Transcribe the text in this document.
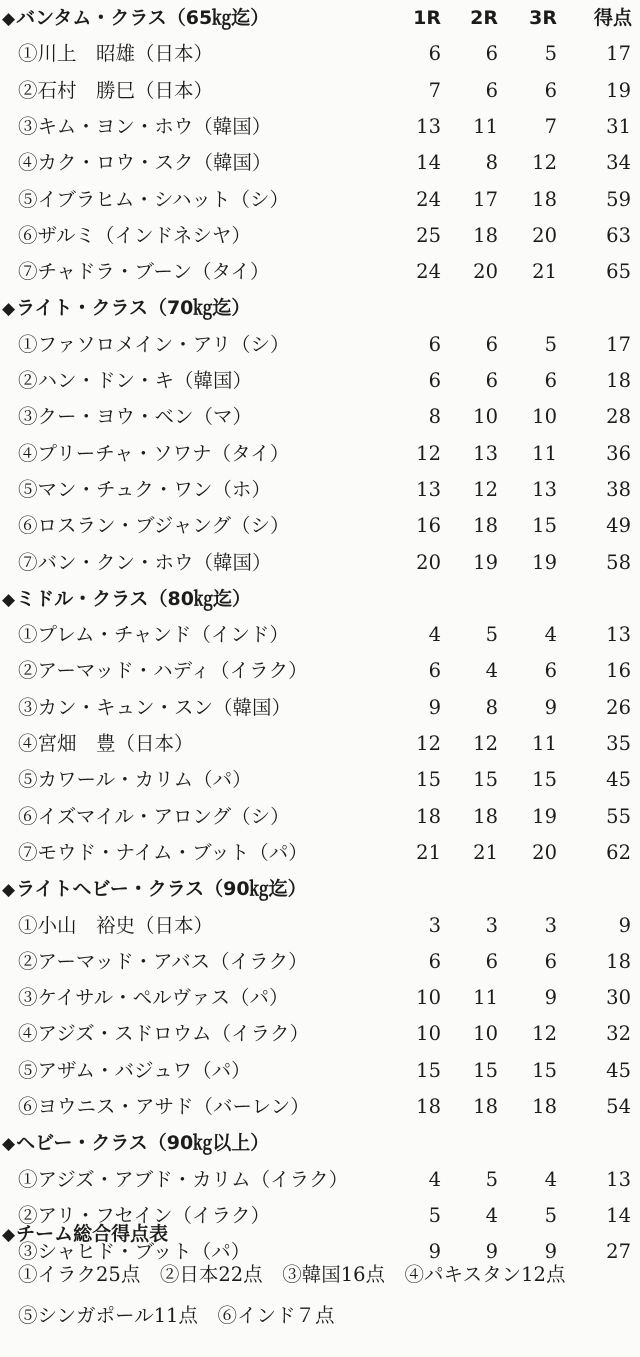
◆バンタム・クラス（65㎏迄）	1R	2R	3R	得点
①川上　昭雄（日本）	6	6	5	17
②石村　勝巳（日本）	7	6	6	19
③キム・ヨン・ホウ（韓国）	13	11	7	31
④カク・ロウ・スク（韓国）	14	8	12	34
⑤イブラヒム・シハット（シ）	24	17	18	59
⑥ザルミ（インドネシヤ）	25	18	20	63
⑦チャドラ・ブーン（タイ）	24	20	21	65
◆ライト・クラス（70㎏迄）
①ファソロメイン・アリ（シ）	6	6	5	17
②ハン・ドン・キ（韓国）	6	6	6	18
③クー・ヨウ・ベン（マ）	8	10	10	28
④プリーチャ・ソワナ（タイ）	12	13	11	36
⑤マン・チュク・ワン（ホ）	13	12	13	38
⑥ロスラン・ブジャング（シ）	16	18	15	49
⑦バン・クン・ホウ（韓国）	20	19	19	58
◆ミドル・クラス（80㎏迄）
①プレム・チャンド（インド）	4	5	4	13
②アーマッド・ハディ（イラク）	6	4	6	16
③カン・キュン・スン（韓国）	9	8	9	26
④宮畑　豊（日本）	12	12	11	35
⑤カワール・カリム（パ）	15	15	15	45
⑥イズマイル・アロング（シ）	18	18	19	55
⑦モウド・ナイム・ブット（パ）	21	21	20	62
◆ライトヘビー・クラス（90㎏迄）
①小山　裕史（日本）	3	3	3	9
②アーマッド・アバス（イラク）	6	6	6	18
③ケイサル・ペルヴァス（パ）	10	11	9	30
④アジズ・スドロウム（イラク）	10	10	12	32
⑤アザム・バジュワ（パ）	15	15	15	45
⑥ヨウニス・アサド（バーレン）	18	18	18	54
◆ヘビー・クラス（90㎏以上）
①アジズ・アブド・カリム（イラク）	4	5	4	13
②アリ・フセイン（イラク）	5	4	5	14
③シャヒド・ブット（パ）	9	9	9	27
◆チーム総合得点表
①イラク25点　 ②日本22点　 ③韓国16点　 ④パキスタン12点　⑤シンガポール11点　 ⑥インド７点
